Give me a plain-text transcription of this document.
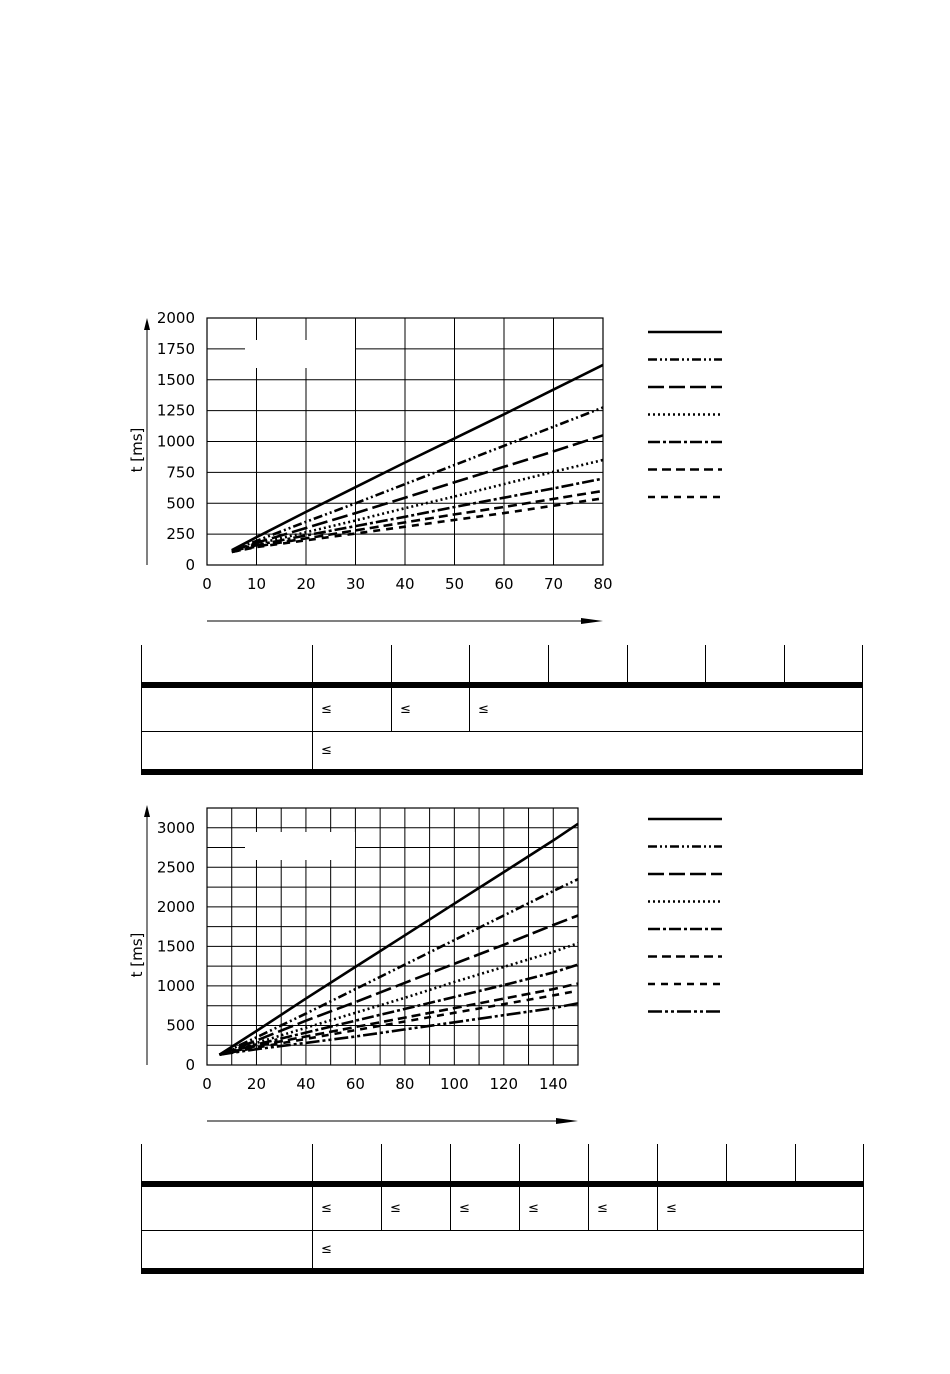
0 10 20 30 40 50 60 70 80
0
250
500
750
1000
1250
1500
1750
2000
t [ms]

	≤	≤	≤				
	≤						
0 20 40 60 80 100 120 140
0
500
1000
1500
2000
2500
3000
t [ms]

	≤	≤	≤	≤	≤	≤		
	≤							
